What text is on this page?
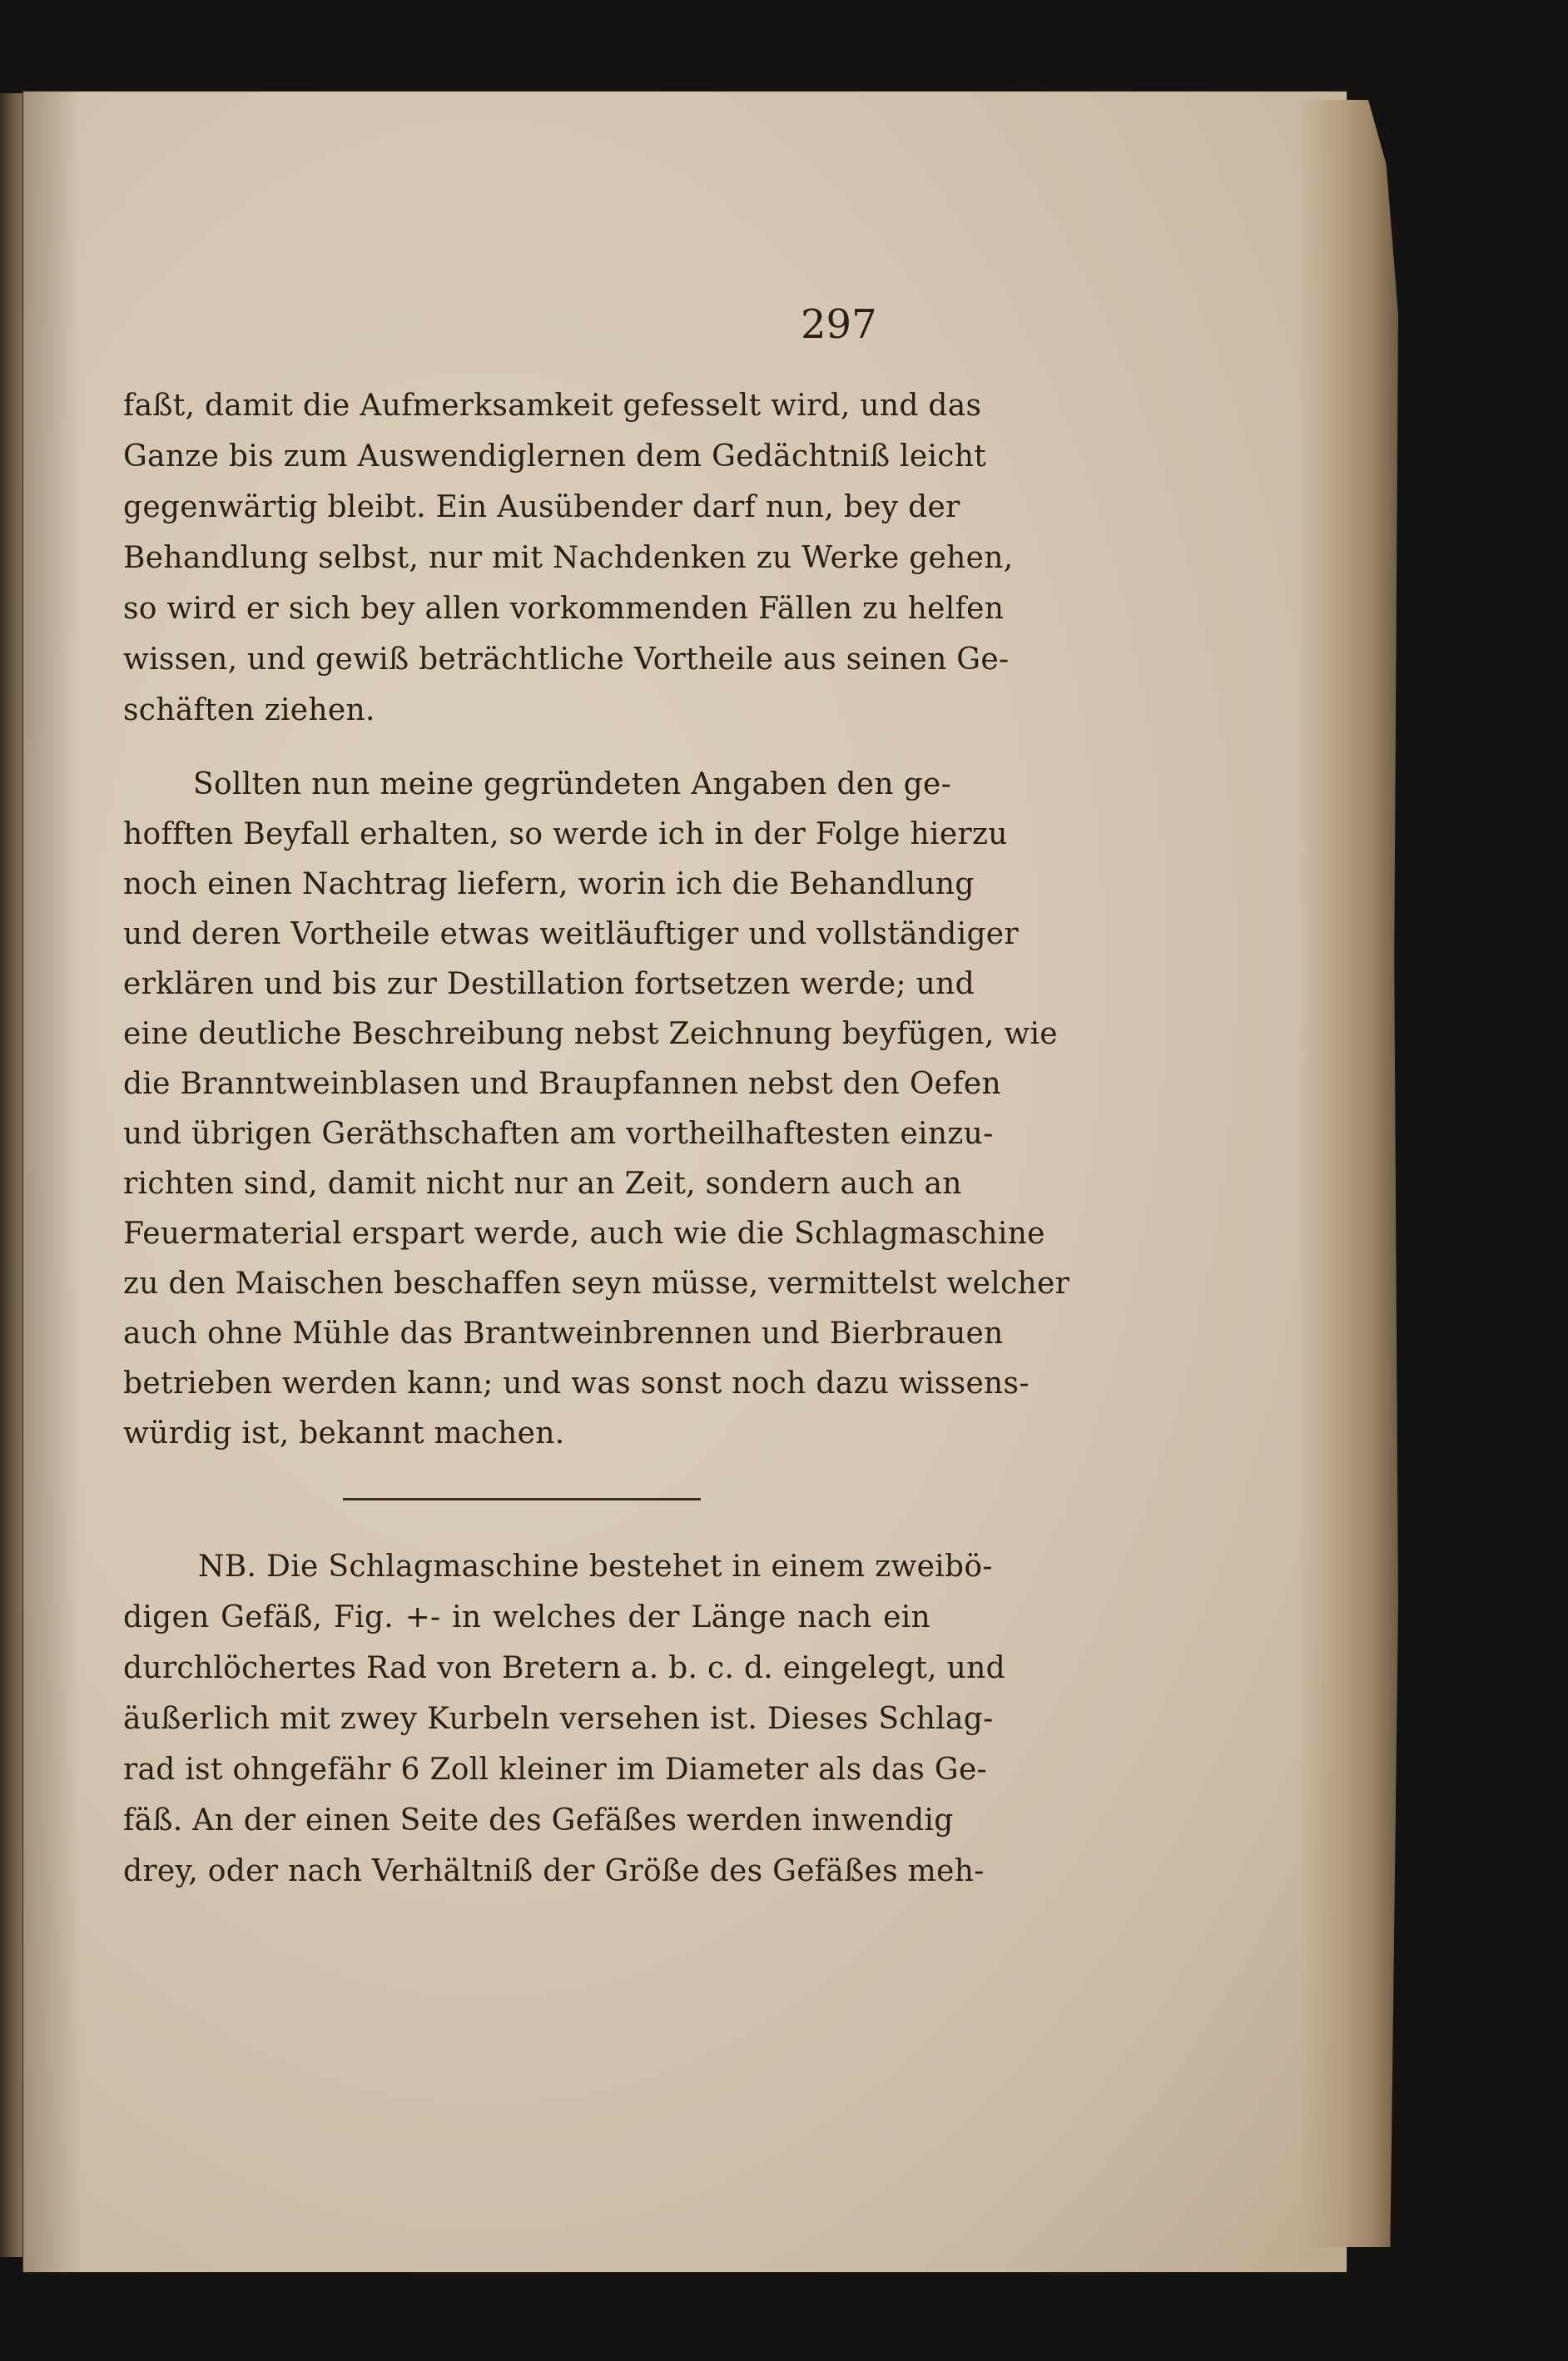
297
faßt, damit die Aufmerksamkeit gefesselt wird, und das
Ganze bis zum Auswendiglernen dem Gedächtniß leicht
gegenwärtig bleibt. Ein Ausübender darf nun, bey der
Behandlung selbst, nur mit Nachdenken zu Werke gehen,
so wird er sich bey allen vorkommenden Fällen zu helfen
wissen, und gewiß beträchtliche Vortheile aus seinen Ge-
schäften ziehen.
Sollten nun meine gegründeten Angaben den ge-
hofften Beyfall erhalten, so werde ich in der Folge hierzu
noch einen Nachtrag liefern, worin ich die Behandlung
und deren Vortheile etwas weitläuftiger und vollständiger
erklären und bis zur Destillation fortsetzen werde; und
eine deutliche Beschreibung nebst Zeichnung beyfügen, wie
die Branntweinblasen und Braupfannen nebst den Oefen
und übrigen Geräthschaften am vortheilhaftesten einzu-
richten sind, damit nicht nur an Zeit, sondern auch an
Feuermaterial erspart werde, auch wie die Schlagmaschine
zu den Maischen beschaffen seyn müsse, vermittelst welcher
auch ohne Mühle das Brantweinbrennen und Bierbrauen
betrieben werden kann; und was sonst noch dazu wissens-
würdig ist, bekannt machen.
NB. Die Schlagmaschine bestehet in einem zweibö-
digen Gefäß, Fig. +- in welches der Länge nach ein
durchlöchertes Rad von Bretern a. b. c. d. eingelegt, und
äußerlich mit zwey Kurbeln versehen ist. Dieses Schlag-
rad ist ohngefähr 6 Zoll kleiner im Diameter als das Ge-
fäß. An der einen Seite des Gefäßes werden inwendig
drey, oder nach Verhältniß der Größe des Gefäßes meh-
